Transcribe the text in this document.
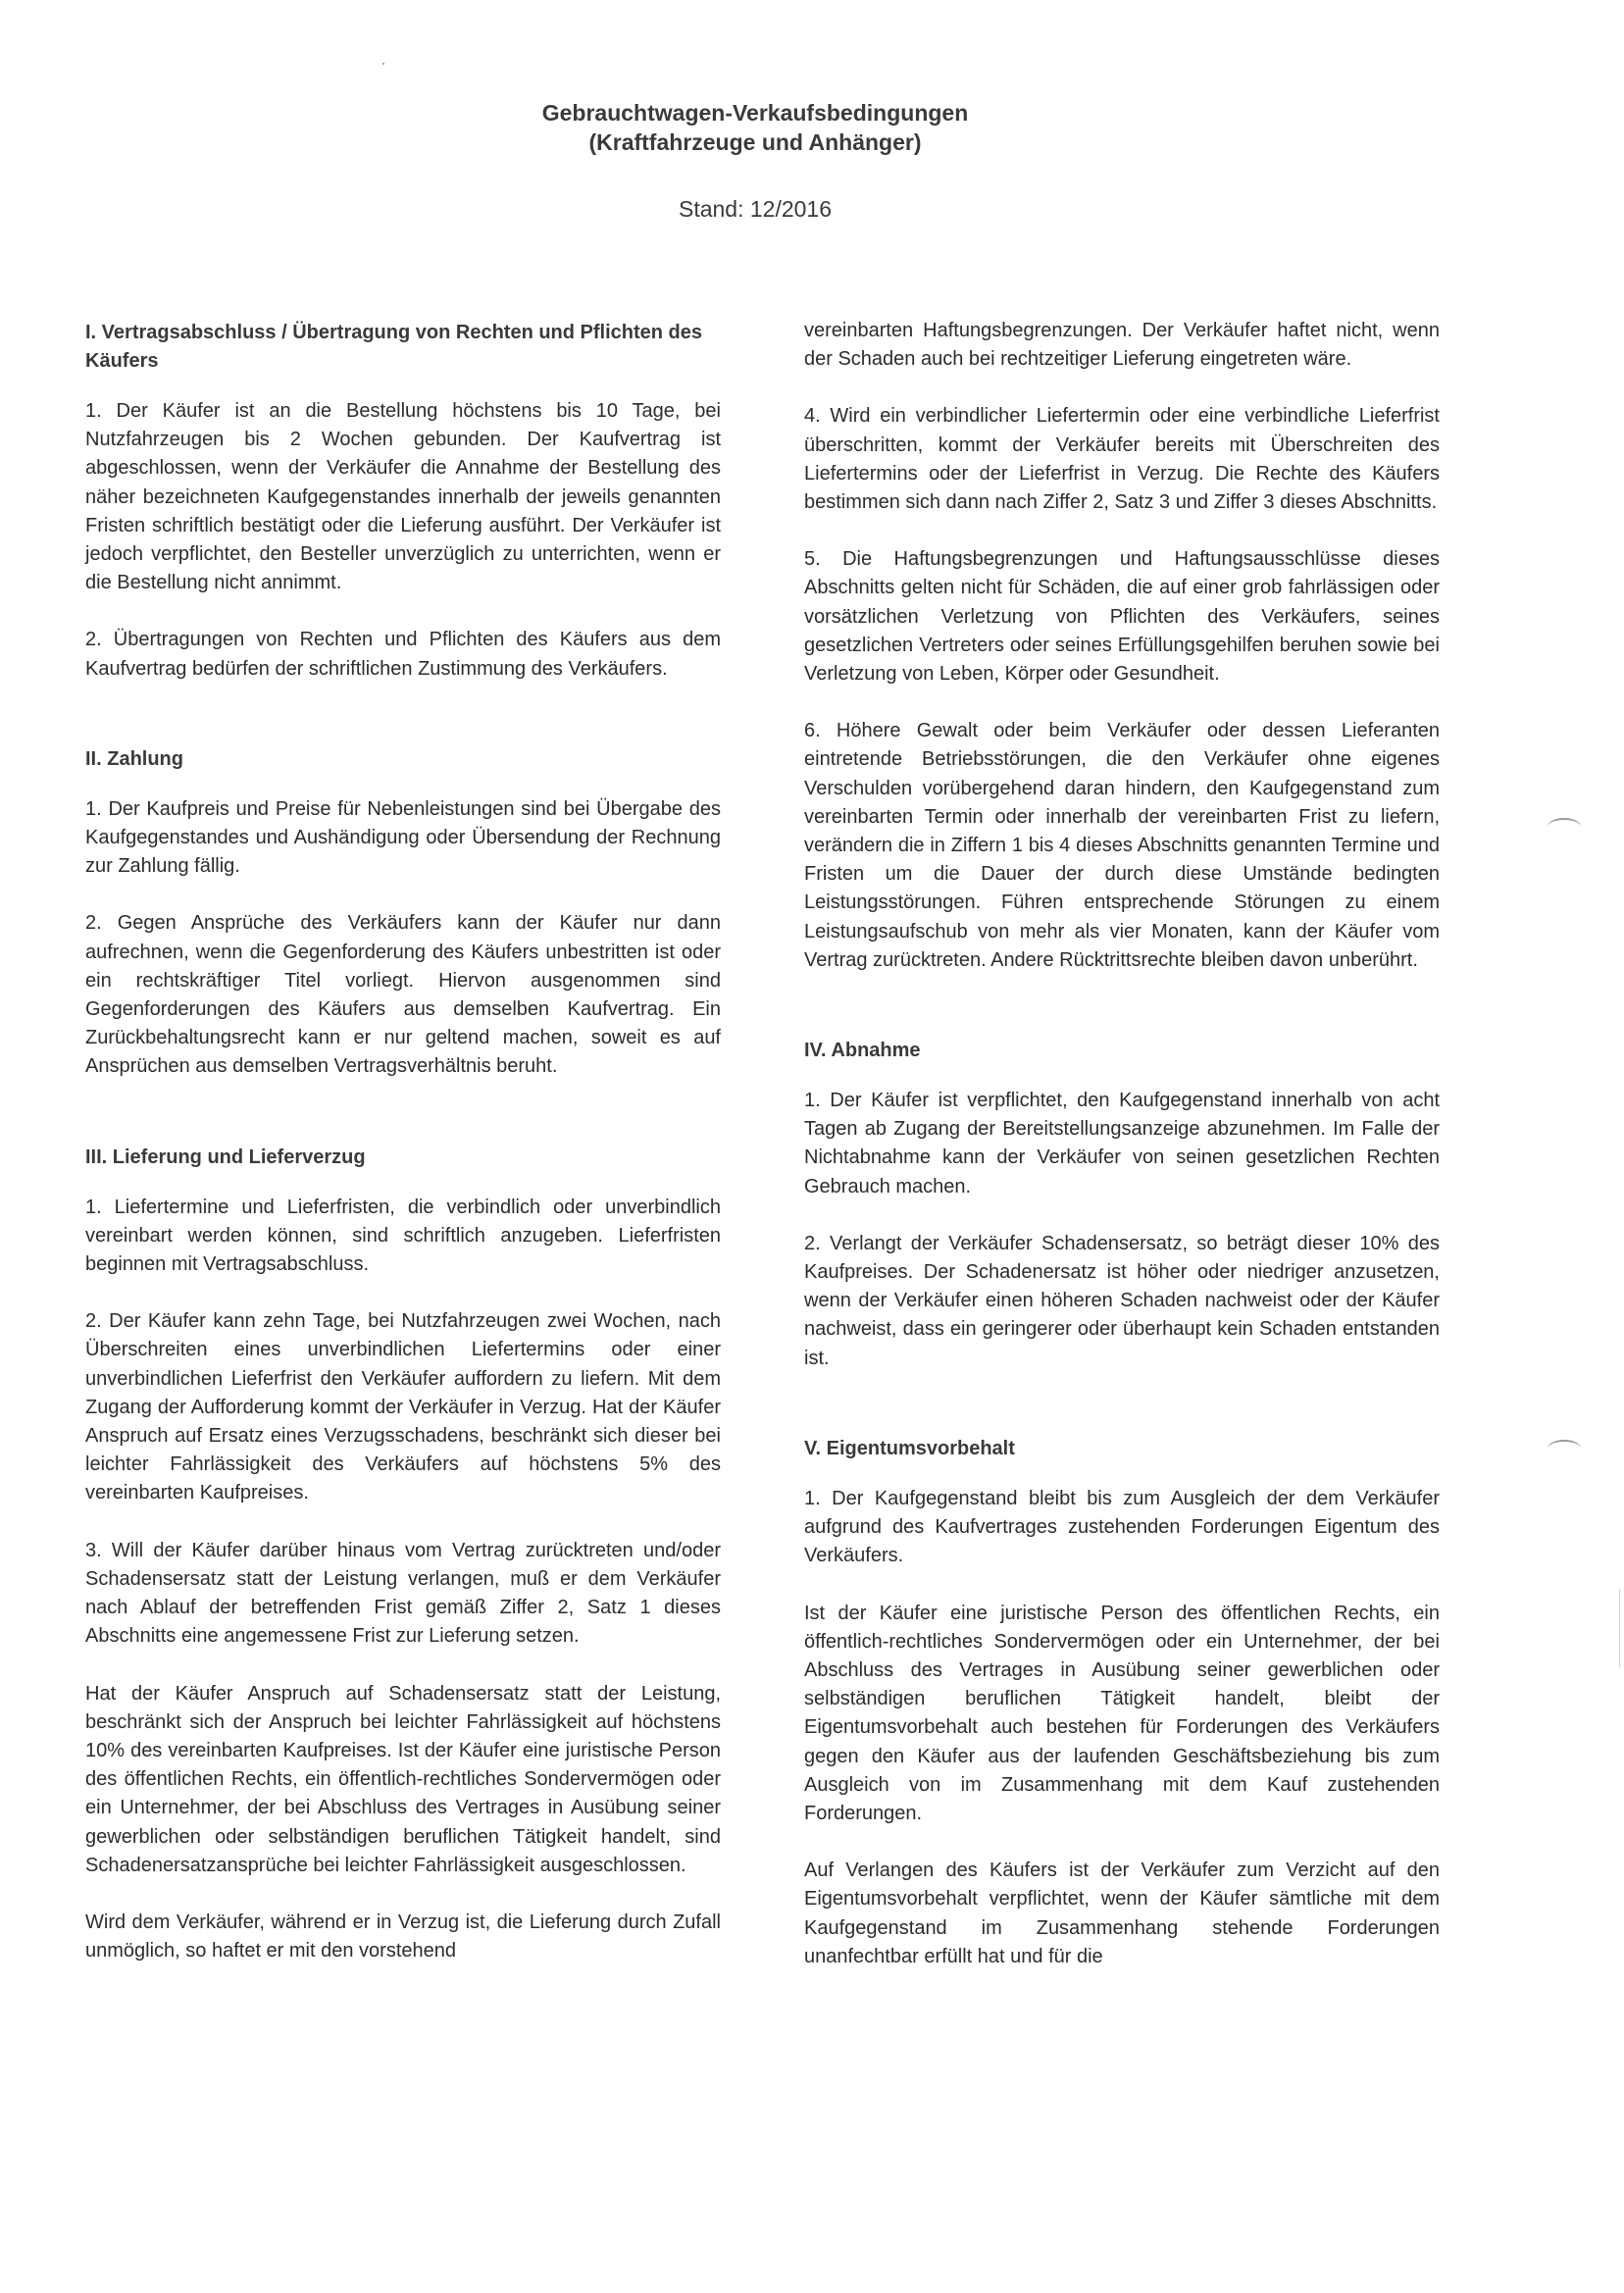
Gebrauchtwagen-Verkaufsbedingungen
(Kraftfahrzeuge und Anhänger)
Stand: 12/2016
I. Vertragsabschluss / Übertragung von Rechten und Pflichten des Käufers

1. Der Käufer ist an die Bestellung höchstens bis 10 Tage, bei Nutzfahrzeugen bis 2 Wochen gebunden. Der Kaufvertrag ist abgeschlossen, wenn der Verkäufer die Annahme der Bestellung des näher bezeichneten Kaufgegenstandes innerhalb der jeweils genannten Fristen schriftlich bestätigt oder die Lieferung ausführt. Der Verkäufer ist jedoch verpflichtet, den Besteller unverzüglich zu unterrichten, wenn er die Bestellung nicht annimmt.

2. Übertragungen von Rechten und Pflichten des Käufers aus dem Kaufvertrag bedürfen der schriftlichen Zustimmung des Verkäufers.

II. Zahlung

1. Der Kaufpreis und Preise für Nebenleistungen sind bei Übergabe des Kaufgegenstandes und Aushändigung oder Übersendung der Rechnung zur Zahlung fällig.

2. Gegen Ansprüche des Verkäufers kann der Käufer nur dann aufrechnen, wenn die Gegenforderung des Käufers unbestritten ist oder ein rechtskräftiger Titel vorliegt. Hiervon ausgenommen sind Gegenforderungen des Käufers aus demselben Kaufvertrag. Ein Zurückbehaltungsrecht kann er nur geltend machen, soweit es auf Ansprüchen aus demselben Vertragsverhältnis beruht.

III. Lieferung und Lieferverzug

1. Liefertermine und Lieferfristen, die verbindlich oder unverbindlich vereinbart werden können, sind schriftlich anzugeben. Lieferfristen beginnen mit Vertragsabschluss.

2. Der Käufer kann zehn Tage, bei Nutzfahrzeugen zwei Wochen, nach Überschreiten eines unverbindlichen Liefertermins oder einer unverbindlichen Lieferfrist den Verkäufer auffordern zu liefern. Mit dem Zugang der Aufforderung kommt der Verkäufer in Verzug. Hat der Käufer Anspruch auf Ersatz eines Verzugsschadens, beschränkt sich dieser bei leichter Fahrlässigkeit des Verkäufers auf höchstens 5% des vereinbarten Kaufpreises.

3. Will der Käufer darüber hinaus vom Vertrag zurücktreten und/oder Schadensersatz statt der Leistung verlangen, muß er dem Verkäufer nach Ablauf der betreffenden Frist gemäß Ziffer 2, Satz 1 dieses Abschnitts eine angemessene Frist zur Lieferung setzen.

Hat der Käufer Anspruch auf Schadensersatz statt der Leistung, beschränkt sich der Anspruch bei leichter Fahrlässigkeit auf höchstens 10% des vereinbarten Kaufpreises. Ist der Käufer eine juristische Person des öffentlichen Rechts, ein öffentlich-rechtliches Sondervermögen oder ein Unternehmer, der bei Abschluss des Vertrages in Ausübung seiner gewerblichen oder selbständigen beruflichen Tätigkeit handelt, sind Schadenersatzansprüche bei leichter Fahrlässigkeit ausgeschlossen.

Wird dem Verkäufer, während er in Verzug ist, die Lieferung durch Zufall unmöglich, so haftet er mit den vorstehend

vereinbarten Haftungsbegrenzungen. Der Verkäufer haftet nicht, wenn der Schaden auch bei rechtzeitiger Lieferung eingetreten wäre.

4. Wird ein verbindlicher Liefertermin oder eine verbindliche Lieferfrist überschritten, kommt der Verkäufer bereits mit Überschreiten des Liefertermins oder der Lieferfrist in Verzug. Die Rechte des Käufers bestimmen sich dann nach Ziffer 2, Satz 3 und Ziffer 3 dieses Abschnitts.

5. Die Haftungsbegrenzungen und Haftungsausschlüsse dieses Abschnitts gelten nicht für Schäden, die auf einer grob fahrlässigen oder vorsätzlichen Verletzung von Pflichten des Verkäufers, seines gesetzlichen Vertreters oder seines Erfüllungsgehilfen beruhen sowie bei Verletzung von Leben, Körper oder Gesundheit.

6. Höhere Gewalt oder beim Verkäufer oder dessen Lieferanten eintretende Betriebsstörungen, die den Verkäufer ohne eigenes Verschulden vorübergehend daran hindern, den Kaufgegenstand zum vereinbarten Termin oder innerhalb der vereinbarten Frist zu liefern, verändern die in Ziffern 1 bis 4 dieses Abschnitts genannten Termine und Fristen um die Dauer der durch diese Umstände bedingten Leistungsstörungen. Führen entsprechende Störungen zu einem Leistungsaufschub von mehr als vier Monaten, kann der Käufer vom Vertrag zurücktreten. Andere Rücktrittsrechte bleiben davon unberührt.

IV. Abnahme

1. Der Käufer ist verpflichtet, den Kaufgegenstand innerhalb von acht Tagen ab Zugang der Bereitstellungsanzeige abzunehmen. Im Falle der Nichtabnahme kann der Verkäufer von seinen gesetzlichen Rechten Gebrauch machen.

2. Verlangt der Verkäufer Schadensersatz, so beträgt dieser 10% des Kaufpreises. Der Schadenersatz ist höher oder niedriger anzusetzen, wenn der Verkäufer einen höheren Schaden nachweist oder der Käufer nachweist, dass ein geringerer oder überhaupt kein Schaden entstanden ist.

V. Eigentumsvorbehalt

1. Der Kaufgegenstand bleibt bis zum Ausgleich der dem Verkäufer aufgrund des Kaufvertrages zustehenden Forderungen Eigentum des Verkäufers.

Ist der Käufer eine juristische Person des öffentlichen Rechts, ein öffentlich-rechtliches Sondervermögen oder ein Unternehmer, der bei Abschluss des Vertrages in Ausübung seiner gewerblichen oder selbständigen beruflichen Tätigkeit handelt, bleibt der Eigentumsvorbehalt auch bestehen für Forderungen des Verkäufers gegen den Käufer aus der laufenden Geschäftsbeziehung bis zum Ausgleich von im Zusammenhang mit dem Kauf zustehenden Forderungen.

Auf Verlangen des Käufers ist der Verkäufer zum Verzicht auf den Eigentumsvorbehalt verpflichtet, wenn der Käufer sämtliche mit dem Kaufgegenstand im Zusammenhang stehende Forderungen unanfechtbar erfüllt hat und für die
